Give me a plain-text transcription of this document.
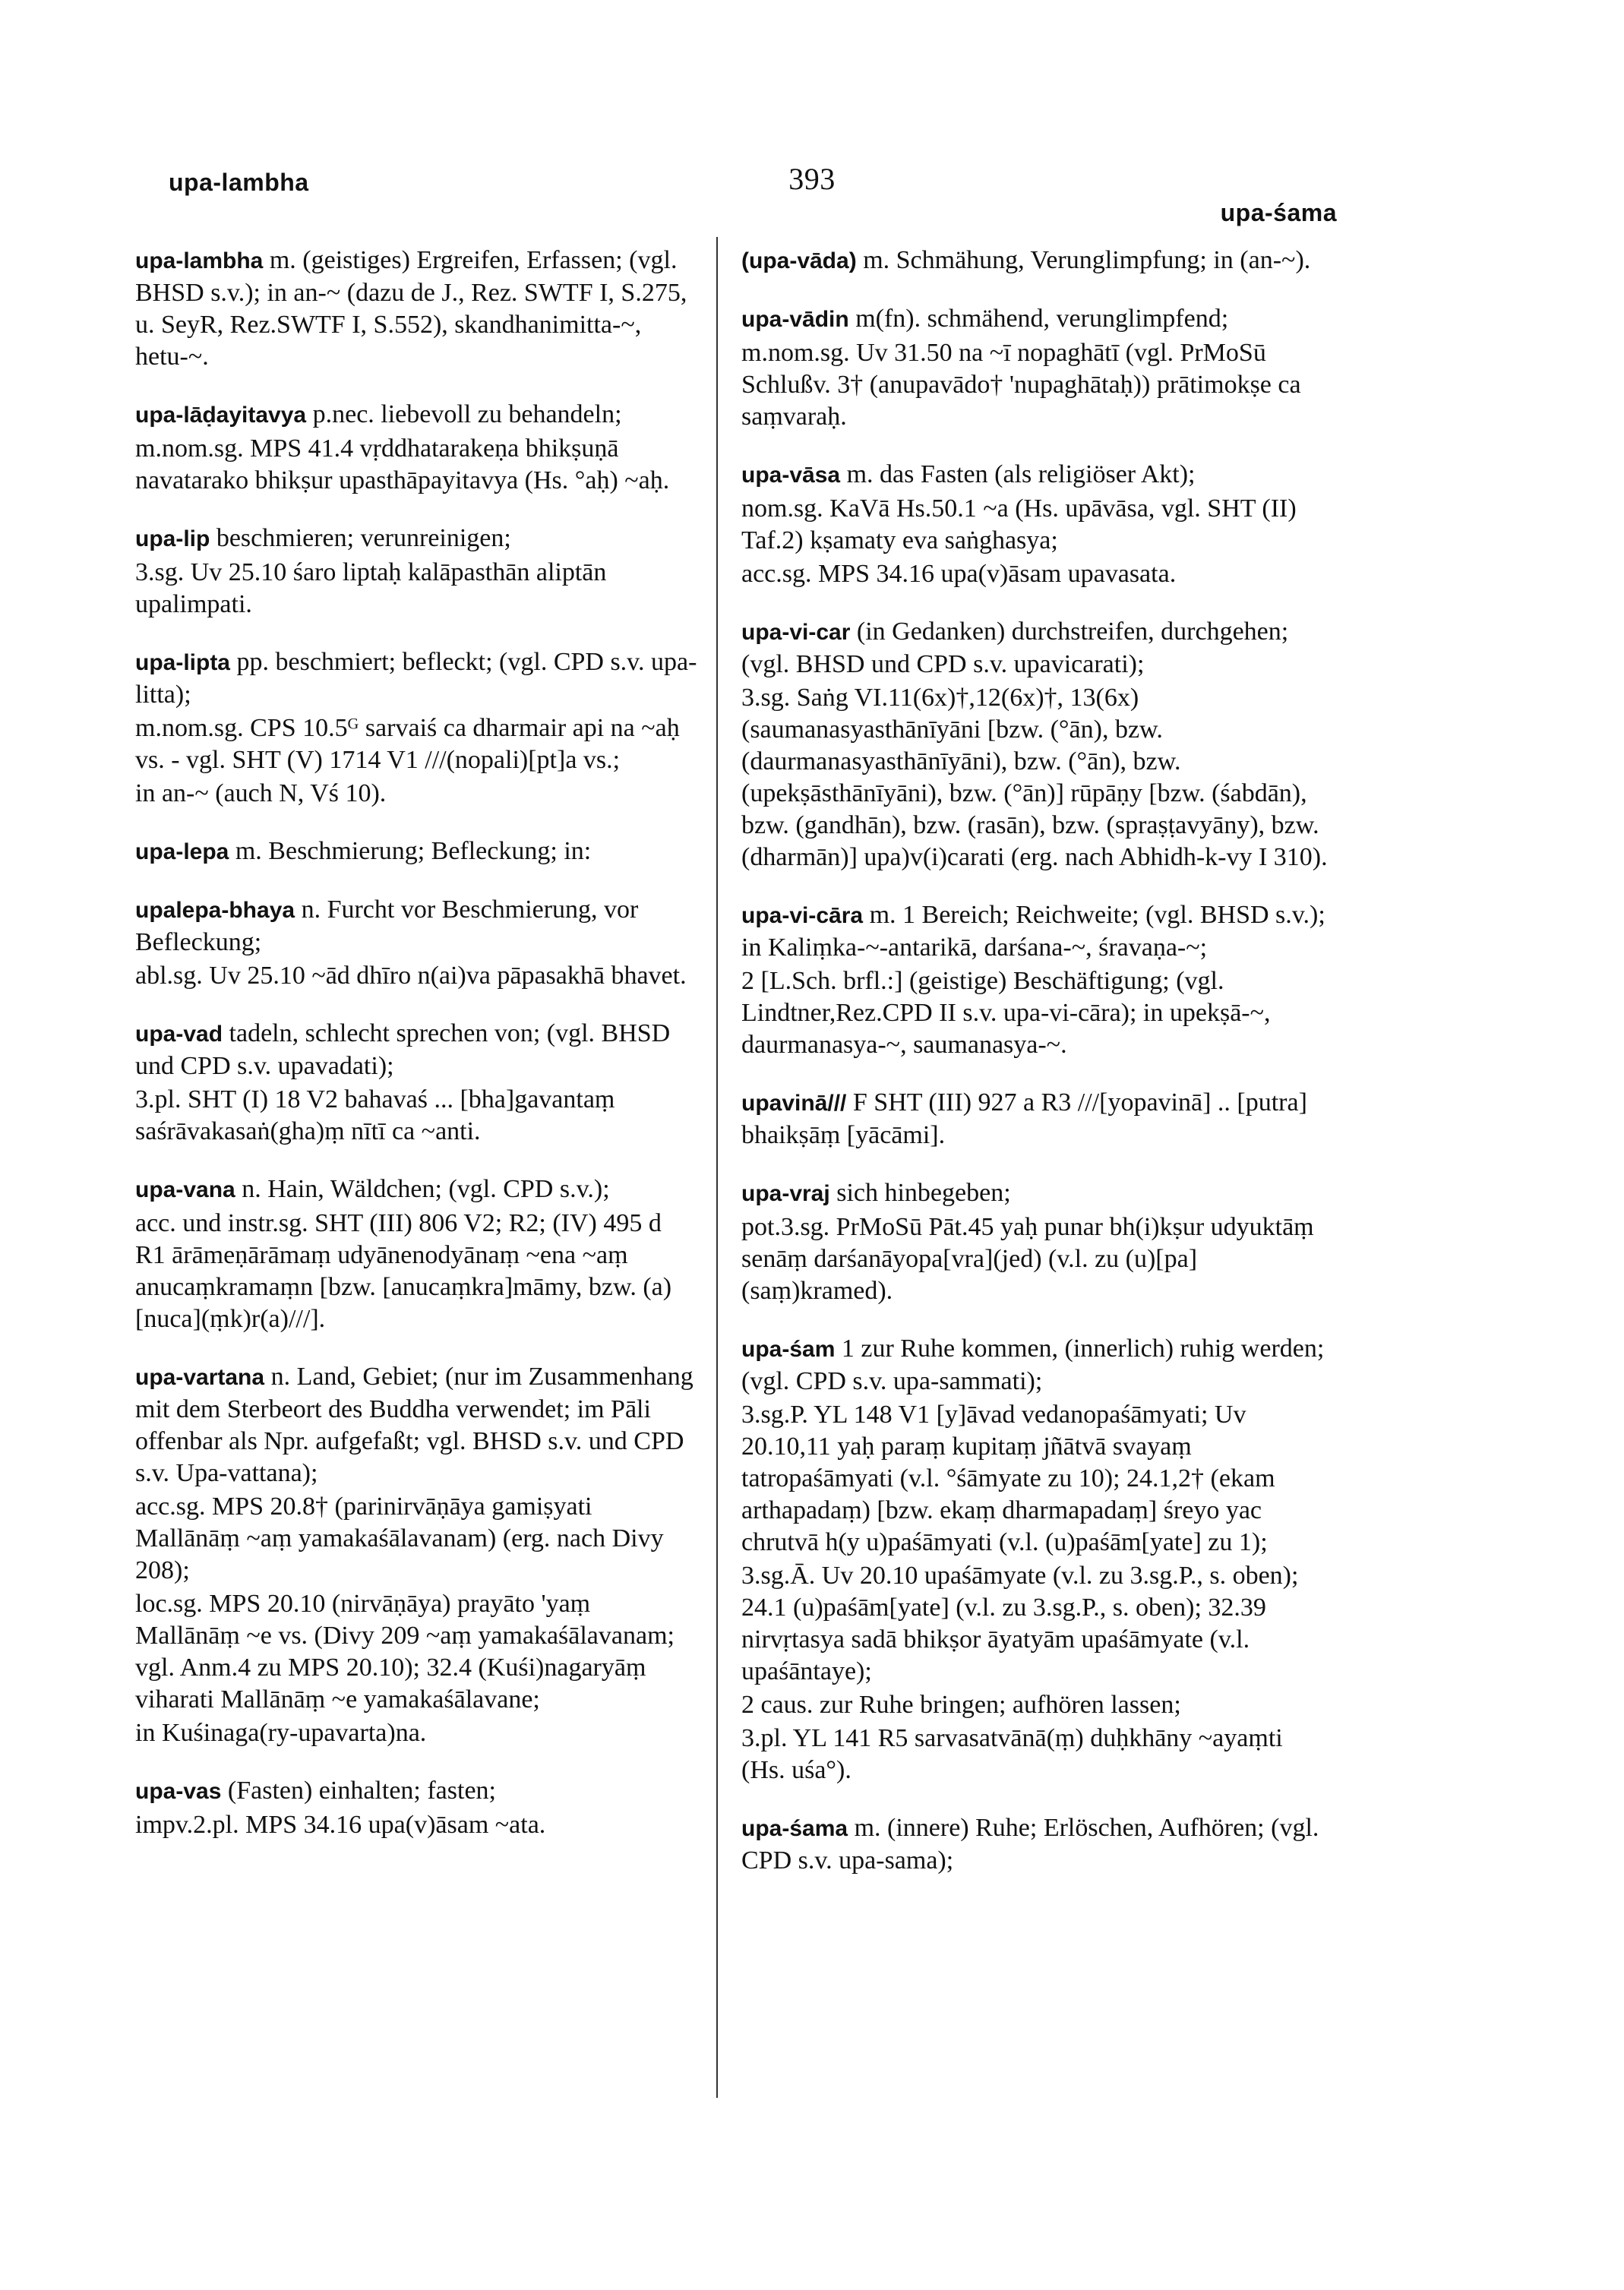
upa-lambha	393
upa-śama
upa-lambha m. (geistiges) Ergreifen, Erfassen; (vgl. BHSD s.v.); in an-~ (dazu de J., Rez. SWTF I, S.275, u. SeyR, Rez.SWTF I, S.552), skandhanimitta-~, hetu-~.
upa-lāḍayitavya p.nec. liebevoll zu behandeln;
m.nom.sg. MPS 41.4 vṛddhatarakeṇa bhikṣuṇā navatarako bhikṣur upasthāpayitavya (Hs. °aḥ) ~aḥ.
upa-lip beschmieren; verunreinigen;
3.sg. Uv 25.10 śaro liptaḥ kalāpasthān aliptān upalimpati.
upa-lipta pp. beschmiert; befleckt; (vgl. CPD s.v. upa-litta);
m.nom.sg. CPS 10.5ᴳ sarvaiś ca dharmair api na ~aḥ vs. - vgl. SHT (V) 1714 V1 ///(nopali)[pt]a vs.;
in an-~ (auch N, Vś 10).
upa-lepa m. Beschmierung; Befleckung; in:
upalepa-bhaya n. Furcht vor Beschmierung, vor Befleckung;
abl.sg. Uv 25.10 ~ād dhīro n(ai)va pāpasakhā bhavet.
upa-vad tadeln, schlecht sprechen von; (vgl. BHSD und CPD s.v. upavadati);
3.pl. SHT (I) 18 V2 bahavaś ... [bha]gavantaṃ saśrāvakasaṅ(gha)ṃ nītī ca ~anti.
upa-vana n. Hain, Wäldchen; (vgl. CPD s.v.);
acc. und instr.sg. SHT (III) 806 V2; R2; (IV) 495 d R1 ārāmeṇārāmaṃ udyānenodyānaṃ ~ena ~aṃ anucaṃkramaṃn [bzw. [anucaṃkra]māmy, bzw. (a)[nuca](ṃk)r(a)///].
upa-vartana n. Land, Gebiet; (nur im Zusammenhang mit dem Sterbeort des Buddha verwendet; im Pāli offenbar als Npr. aufgefaßt; vgl. BHSD s.v. und CPD s.v. Upa-vattana);
acc.sg. MPS 20.8† (parinirvāṇāya gamiṣyati Mallānāṃ ~aṃ yamakaśālavanam) (erg. nach Divy 208);
loc.sg. MPS 20.10 (nirvāṇāya) prayāto 'yaṃ Mallānāṃ ~e vs. (Divy 209 ~aṃ yamakaśālavanam; vgl. Anm.4 zu MPS 20.10); 32.4 (Kuśi)nagaryāṃ viharati Mallānāṃ ~e yamakaśālavane;
in Kuśinaga(ry-upavarta)na.
upa-vas (Fasten) einhalten; fasten;
impv.2.pl. MPS 34.16 upa(v)āsam ~ata.
(upa-vāda) m. Schmähung, Verunglimpfung; in (an-~).
upa-vādin m(fn). schmähend, verunglimpfend;
m.nom.sg. Uv 31.50 na ~ī nopaghātī (vgl. PrMoSū Schlußv. 3† (anupavādo† 'nupaghātaḥ)) prātimokṣe ca saṃvaraḥ.
upa-vāsa m. das Fasten (als religiöser Akt);
nom.sg. KaVā Hs.50.1 ~a (Hs. upāvāsa, vgl. SHT (II) Taf.2) kṣamaty eva saṅghasya;
acc.sg. MPS 34.16 upa(v)āsam upavasata.
upa-vi-car (in Gedanken) durchstreifen, durchgehen; (vgl. BHSD und CPD s.v. upavicarati);
3.sg. Saṅg VI.11(6x)†,12(6x)†, 13(6x) (saumanasyasthānīyāni [bzw. (°ān), bzw. (daurmanasyasthānīyāni), bzw. (°ān), bzw. (upekṣāsthānīyāni), bzw. (°ān)] rūpāṇy [bzw. (śabdān), bzw. (gandhān), bzw. (rasān), bzw. (spraṣṭavyāny), bzw. (dharmān)] upa)v(i)carati (erg. nach Abhidh-k-vy I 310).
upa-vi-cāra m. 1 Bereich; Reichweite; (vgl. BHSD s.v.); in Kaliṃka-~-antarikā, darśana-~, śravaṇa-~;
2 [L.Sch. brfl.:] (geistige) Beschäftigung; (vgl. Lindtner,Rez.CPD II s.v. upa-vi-cāra); in upekṣā-~, daurmanasya-~, saumanasya-~.
upavinā/// F SHT (III) 927 a R3 ///[yopavinā] .. [putra] bhaikṣāṃ [yācāmi].
upa-vraj sich hinbegeben;
pot.3.sg. PrMoSū Pāt.45 yaḥ punar bh(i)kṣur udyuktāṃ senāṃ darśanāyopa[vra](jed) (v.l. zu (u)[pa](saṃ)kramed).
upa-śam 1 zur Ruhe kommen, (innerlich) ruhig werden; (vgl. CPD s.v. upa-sammati);
3.sg.P. YL 148 V1 [y]āvad vedanopaśāmyati; Uv 20.10,11 yaḥ paraṃ kupitaṃ jñātvā svayaṃ tatropaśāmyati (v.l. °śāmyate zu 10); 24.1,2† (ekam arthapadaṃ) [bzw. ekaṃ dharmapadaṃ] śreyo yac chrutvā h(y u)paśāmyati (v.l. (u)paśām[yate] zu 1);
3.sg.Ā. Uv 20.10 upaśāmyate (v.l. zu 3.sg.P., s. oben); 24.1 (u)paśām[yate] (v.l. zu 3.sg.P., s. oben); 32.39 nirvṛtasya sadā bhikṣor āyatyām upaśāmyate (v.l. upaśāntaye);
2 caus. zur Ruhe bringen; aufhören lassen;
3.pl. YL 141 R5 sarvasatvānā(ṃ) duḥkhāny ~ayaṃti (Hs. uśa°).
upa-śama m. (innere) Ruhe; Erlöschen, Aufhören; (vgl. CPD s.v. upa-sama);
